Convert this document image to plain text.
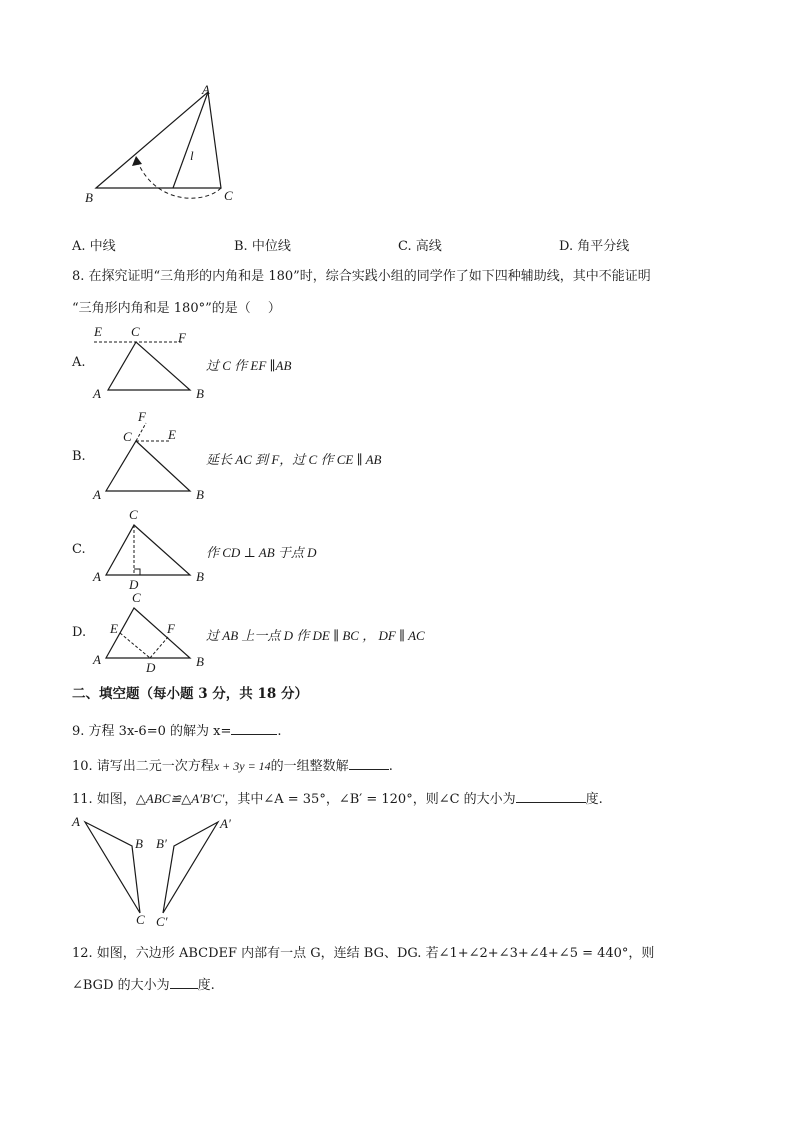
A
B	C
l
A. 中线	B. 中位线	C. 高线	D. 角平分线
8. 在探究证明“三角形的内角和是 180”时，综合实践小组的同学作了如下四种辅助线，其中不能证明
“三角形内角和是 180°”的是（　 ）
A.
E C	F
A	B
过 C 作 EF ∥AB
B.
F
C	E
A	B
延长 AC 到 F，过 C 作 CE ∥ AB
C.
C
A	B
D
作 CD ⊥ AB 于点 D
D.
C
E	F
A	B
D
过 AB 上一点 D 作 DE ∥ BC ， DF ∥ AC
二、填空题（每小题 3 分，共 18 分）
9. 方程 3x-6=0 的解为 x=	.
10. 请写出二元一次方程x + 3y = 14的一组整数解	.
11. 如图，△ABC≌△A′B′C′，其中∠A = 35°，∠B′ = 120°，则∠C 的大小为	度.
A
B
C
A′
B′
C′
12. 如图，六边形 ABCDEF 内部有一点 G，连结 BG、DG. 若∠1+∠2+∠3+∠4+∠5 = 440°，则
∠BGD 的大小为 度.
